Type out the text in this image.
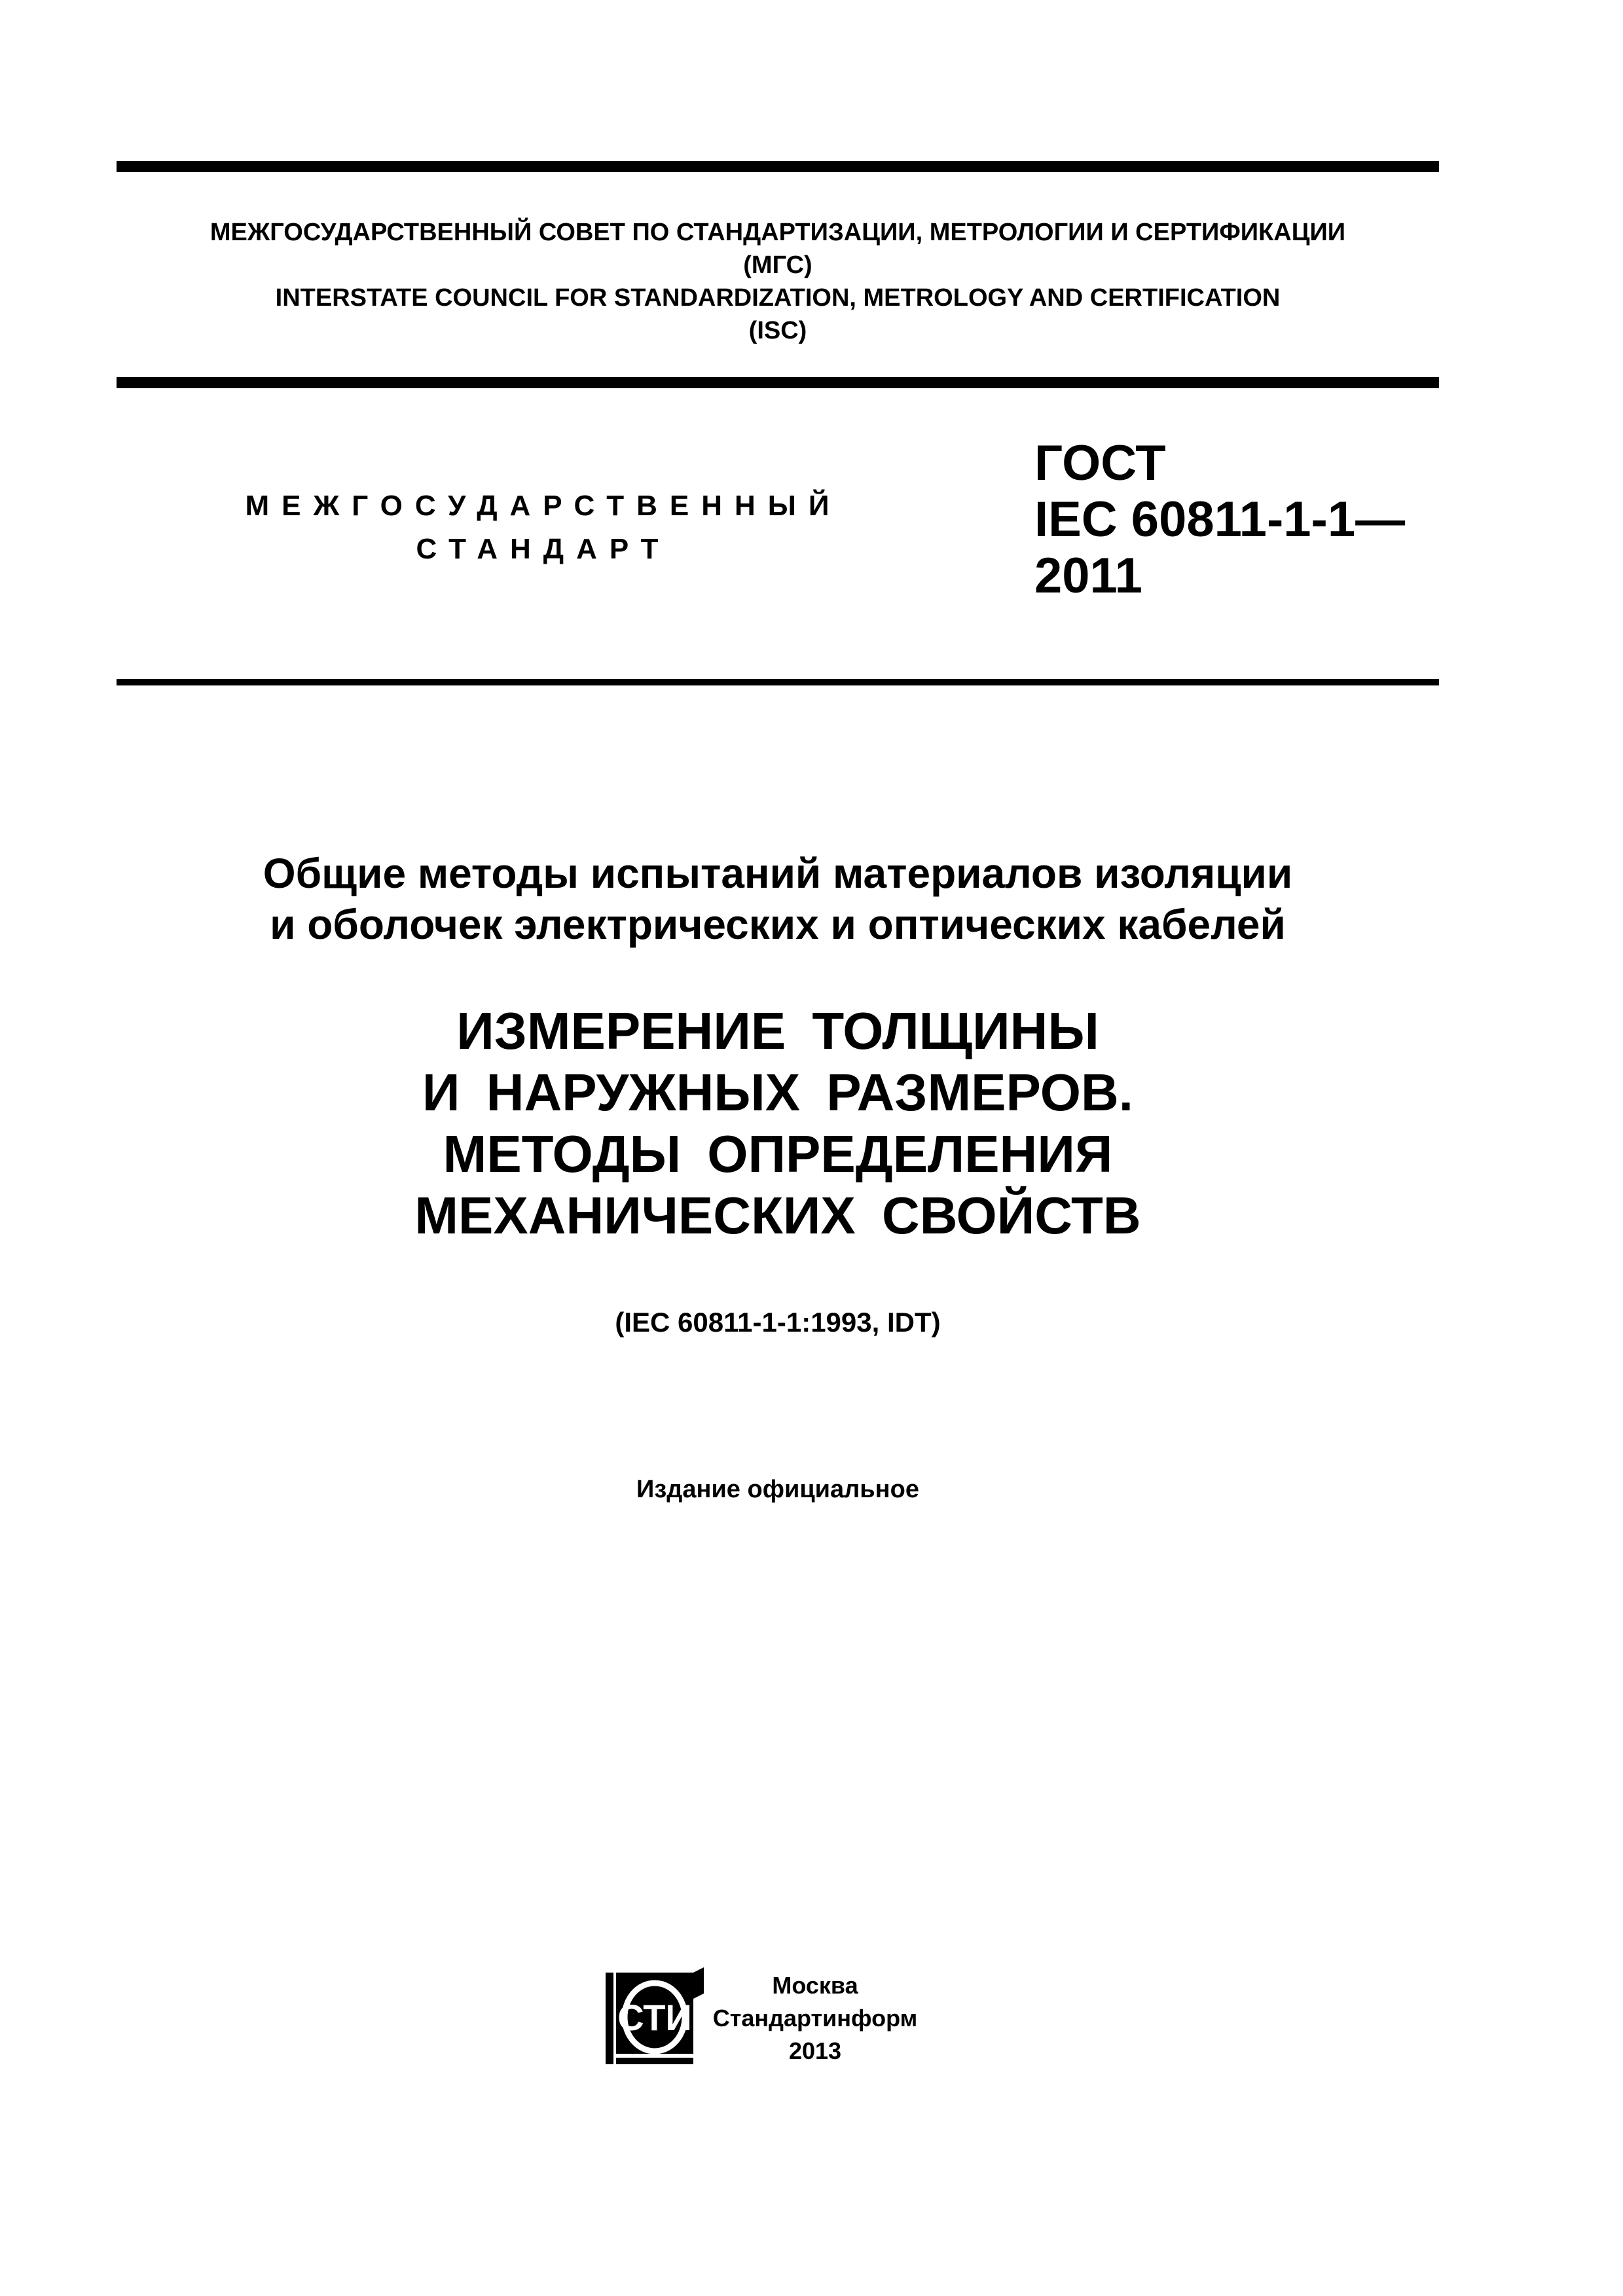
МЕЖГОСУДАРСТВЕННЫЙ СОВЕТ ПО СТАНДАРТИЗАЦИИ, МЕТРОЛОГИИ И СЕРТИФИКАЦИИ
(МГС)
INTERSTATE COUNCIL FOR STANDARDIZATION, METROLOGY AND CERTIFICATION
(ISC)
МЕЖГОСУДАРСТВЕННЫЙ
СТАНДАРТ
ГОСТ
IEC 60811-1-1—
2011
Общие методы испытаний материалов изоляции
и оболочек электрических и оптических кабелей
ИЗМЕРЕНИЕ ТОЛЩИНЫ
И НАРУЖНЫХ РАЗМЕРОВ.
МЕТОДЫ ОПРЕДЕЛЕНИЯ
МЕХАНИЧЕСКИХ СВОЙСТВ
(IEC 60811-1-1:1993, IDT)
Издание официальное
СТИ
Москва
Стандартинформ
2013
